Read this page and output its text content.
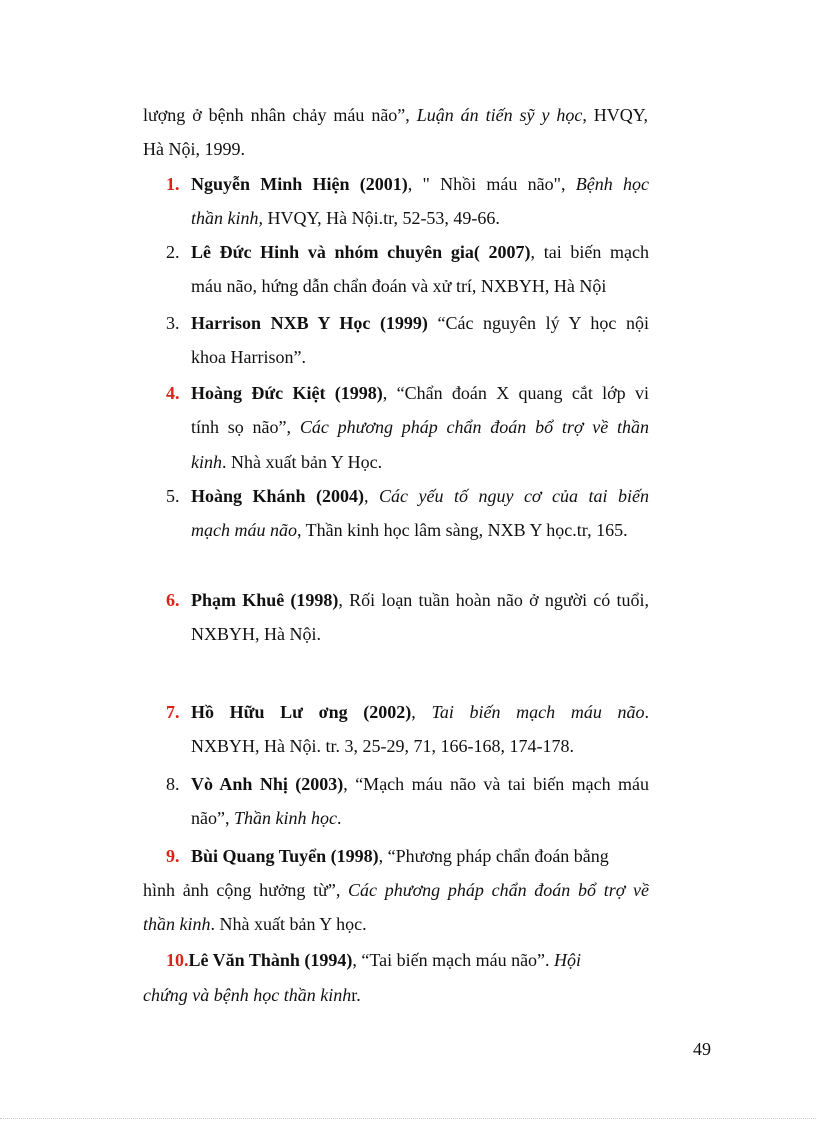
lượng ở bệnh nhân chảy máu não”, Luận án tiến sỹ y học, HVQY,
Hà Nội, 1999.
1. Nguyễn Minh Hiện (2001), " Nhồi máu não", Bệnh học
thần kinh, HVQY, Hà Nội.tr, 52-53, 49-66.
2. Lê Đức Hinh và nhóm chuyên gia( 2007), tai biến mạch
máu não, hứng dẫn chẩn đoán và xử trí, NXBYH, Hà Nội
3. Harrison NXB Y Học (1999) “Các nguyên lý Y học nội
khoa Harrison”.
4. Hoàng Đức Kiệt (1998), “Chẩn đoán X quang cắt lớp vi
tính sọ não”, Các phương pháp chẩn đoán bổ trợ về thần
kinh. Nhà xuất bản Y Học.
5. Hoàng Khánh (2004), Các yếu tố nguy cơ của tai biến
mạch máu não, Thần kinh học lâm sàng, NXB Y học.tr, 165.
6. Phạm Khuê (1998), Rối loạn tuần hoàn não ở người có tuổi,
NXBYH, Hà Nội.
7. Hồ Hữu Lư ơng (2002), Tai biến mạch máu não.
NXBYH, Hà Nội. tr. 3, 25-29, 71, 166-168, 174-178.
8. Vò Anh Nhị (2003), “Mạch máu não và tai biến mạch máu
não”, Thần kinh học.
9. Bùi Quang Tuyển (1998), “Phương pháp chẩn đoán bằng
hình ảnh cộng hưởng từ”, Các phương pháp chẩn đoán bổ trợ về
thần kinh. Nhà xuất bản Y học.
10.Lê Văn Thành (1994), “Tai biến mạch máu não”. Hội
chứng và bệnh học thần kinhr.
49
